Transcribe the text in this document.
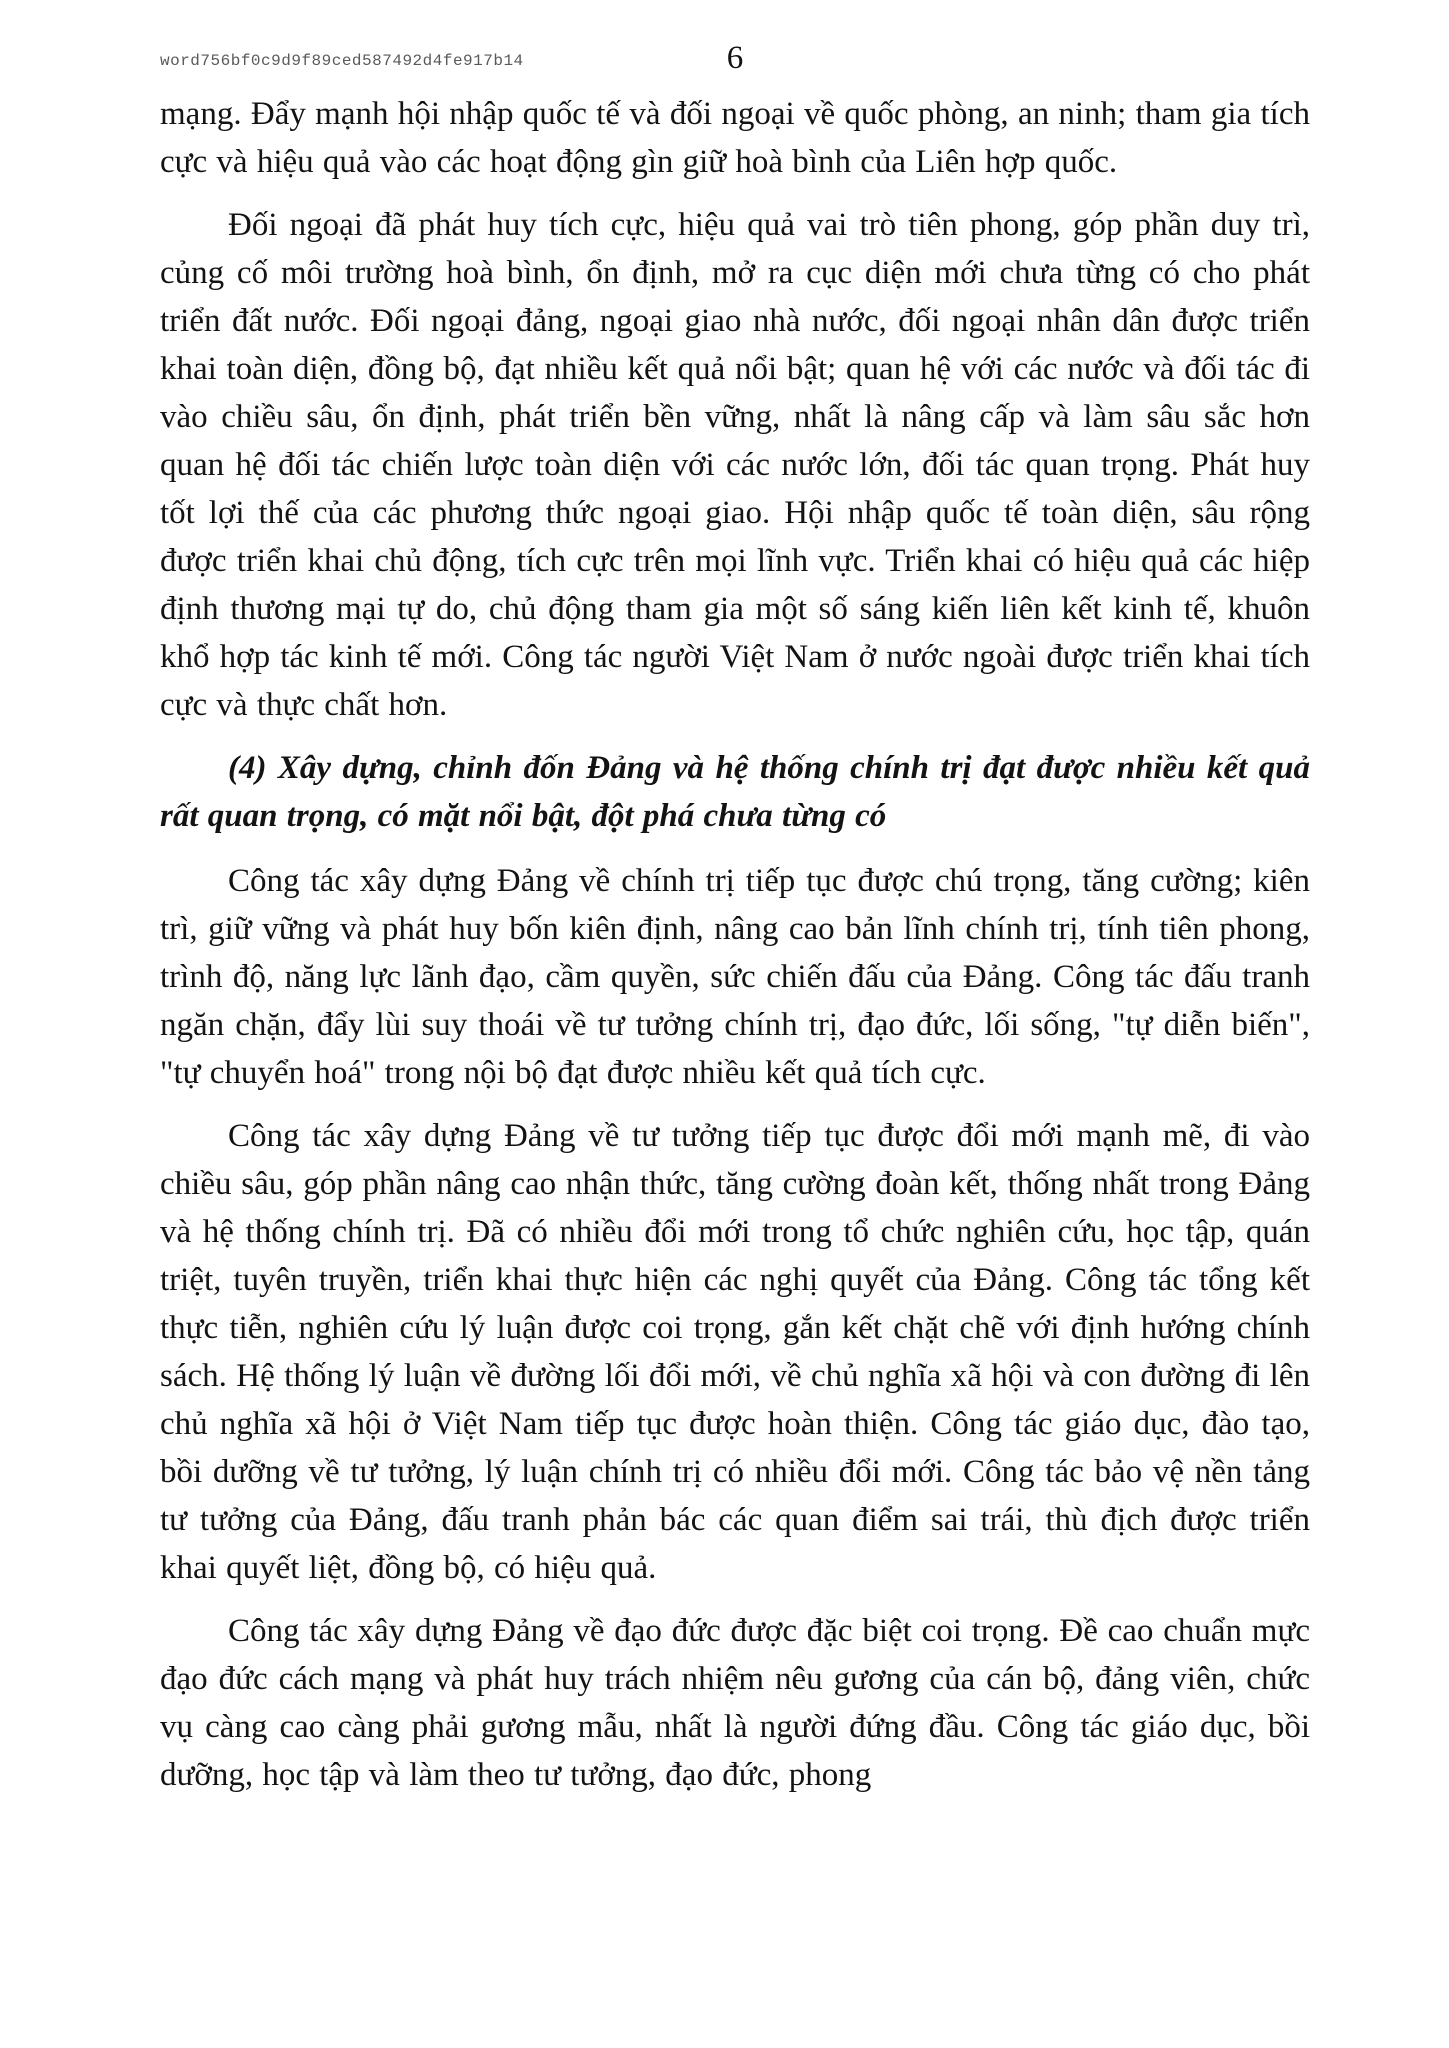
word756bf0c9d9f89ced587492d4fe917b14	6

mạng. Đẩy mạnh hội nhập quốc tế và đối ngoại về quốc phòng, an ninh; tham gia tích cực và hiệu quả vào các hoạt động gìn giữ hoà bình của Liên hợp quốc.

Đối ngoại đã phát huy tích cực, hiệu quả vai trò tiên phong, góp phần duy trì, củng cố môi trường hoà bình, ổn định, mở ra cục diện mới chưa từng có cho phát triển đất nước. Đối ngoại đảng, ngoại giao nhà nước, đối ngoại nhân dân được triển khai toàn diện, đồng bộ, đạt nhiều kết quả nổi bật; quan hệ với các nước và đối tác đi vào chiều sâu, ổn định, phát triển bền vững, nhất là nâng cấp và làm sâu sắc hơn quan hệ đối tác chiến lược toàn diện với các nước lớn, đối tác quan trọng. Phát huy tốt lợi thế của các phương thức ngoại giao. Hội nhập quốc tế toàn diện, sâu rộng được triển khai chủ động, tích cực trên mọi lĩnh vực. Triển khai có hiệu quả các hiệp định thương mại tự do, chủ động tham gia một số sáng kiến liên kết kinh tế, khuôn khổ hợp tác kinh tế mới. Công tác người Việt Nam ở nước ngoài được triển khai tích cực và thực chất hơn.

(4) Xây dựng, chỉnh đốn Đảng và hệ thống chính trị đạt được nhiều kết quả rất quan trọng, có mặt nổi bật, đột phá chưa từng có

Công tác xây dựng Đảng về chính trị tiếp tục được chú trọng, tăng cường; kiên trì, giữ vững và phát huy bốn kiên định, nâng cao bản lĩnh chính trị, tính tiên phong, trình độ, năng lực lãnh đạo, cầm quyền, sức chiến đấu của Đảng. Công tác đấu tranh ngăn chặn, đẩy lùi suy thoái về tư tưởng chính trị, đạo đức, lối sống, "tự diễn biến", "tự chuyển hoá" trong nội bộ đạt được nhiều kết quả tích cực.

Công tác xây dựng Đảng về tư tưởng tiếp tục được đổi mới mạnh mẽ, đi vào chiều sâu, góp phần nâng cao nhận thức, tăng cường đoàn kết, thống nhất trong Đảng và hệ thống chính trị. Đã có nhiều đổi mới trong tổ chức nghiên cứu, học tập, quán triệt, tuyên truyền, triển khai thực hiện các nghị quyết của Đảng. Công tác tổng kết thực tiễn, nghiên cứu lý luận được coi trọng, gắn kết chặt chẽ với định hướng chính sách. Hệ thống lý luận về đường lối đổi mới, về chủ nghĩa xã hội và con đường đi lên chủ nghĩa xã hội ở Việt Nam tiếp tục được hoàn thiện. Công tác giáo dục, đào tạo, bồi dưỡng về tư tưởng, lý luận chính trị có nhiều đổi mới. Công tác bảo vệ nền tảng tư tưởng của Đảng, đấu tranh phản bác các quan điểm sai trái, thù địch được triển khai quyết liệt, đồng bộ, có hiệu quả.

Công tác xây dựng Đảng về đạo đức được đặc biệt coi trọng. Đề cao chuẩn mực đạo đức cách mạng và phát huy trách nhiệm nêu gương của cán bộ, đảng viên, chức vụ càng cao càng phải gương mẫu, nhất là người đứng đầu. Công tác giáo dục, bồi dưỡng, học tập và làm theo tư tưởng, đạo đức, phong
